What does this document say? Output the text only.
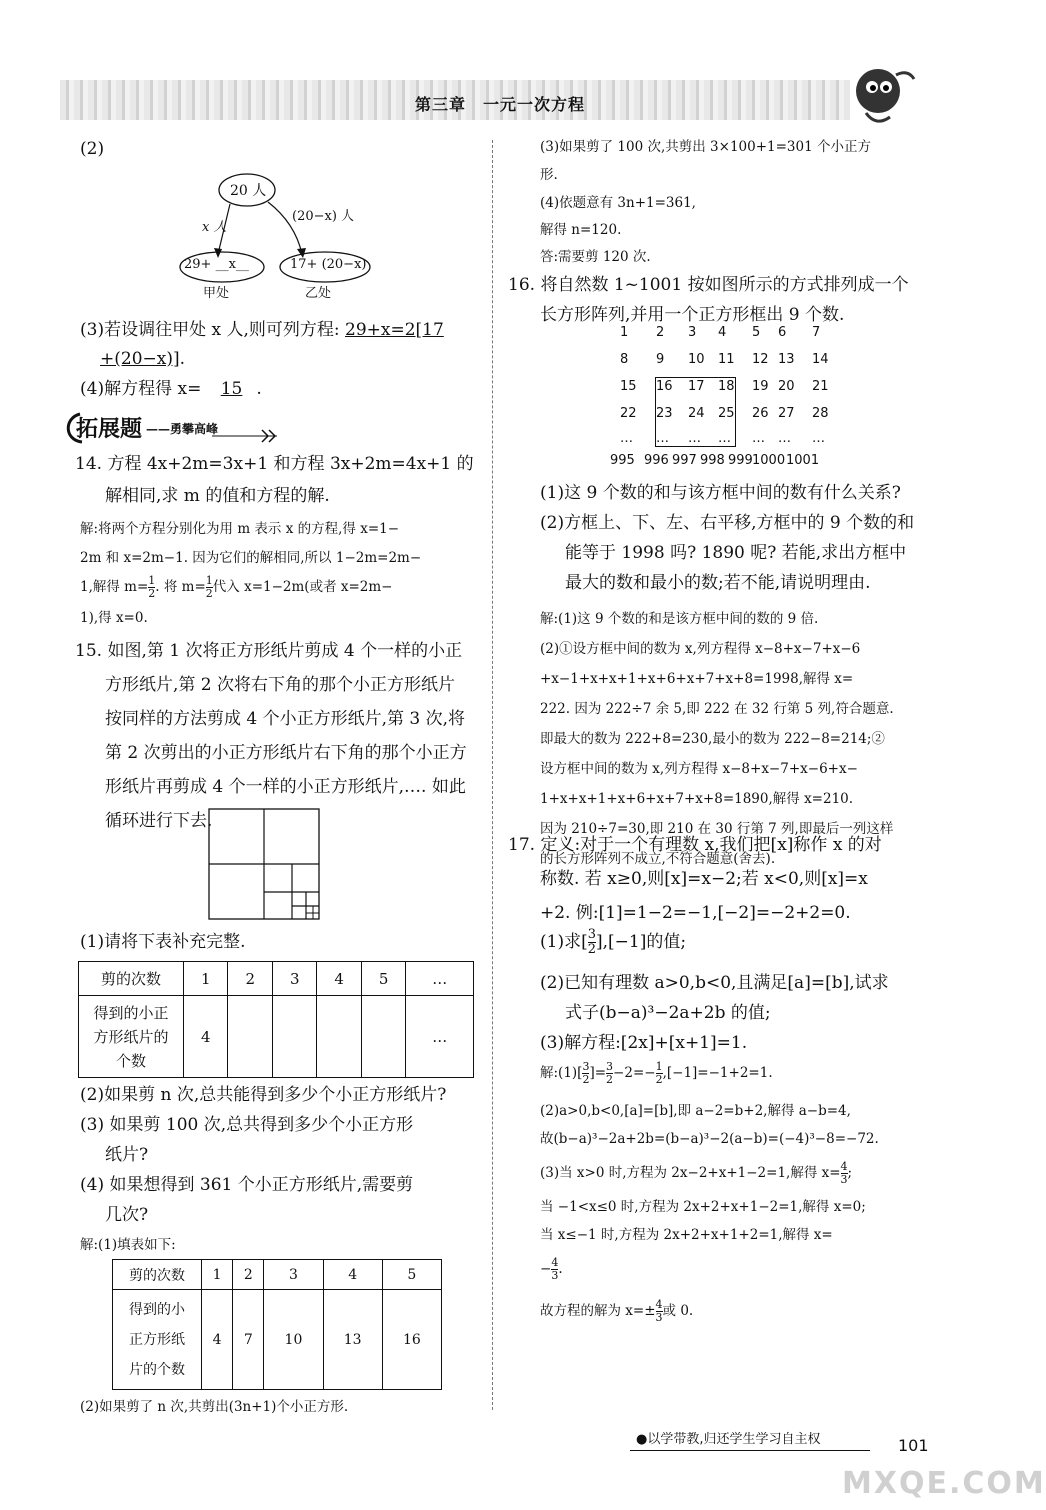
第三章　一元一次方程
(2)
20 人
x 人
(20−x) 人
29+ __x__	17+ (20−x)
甲处	乙处
(3)若设调往甲处 x 人,则可列方程: 29+x=2[17
+(20−x)].
(4)解方程得 x= 15 .
拓展题 ——勇攀高峰
14. 方程 4x+2m=3x+1 和方程 3x+2m=4x+1 的
解相同,求 m 的值和方程的解.
解:将两个方程分别化为用 m 表示 x 的方程,得 x=1−
2m 和 x=2m−1. 因为它们的解相同,所以 1−2m=2m−
1,解得 $m= \frac{1}{2}$ . 将 $m= \frac{1}{2}$ 代入 x=1−2m(或者 x=2m−
1),得 x=0.
15. 如图,第 1 次将正方形纸片剪成 4 个一样的小正
方形纸片,第 2 次将右下角的那个小正方形纸片
按同样的方法剪成 4 个小正方形纸片,第 3 次,将
第 2 次剪出的小正方形纸片右下角的那个小正方
形纸片再剪成 4 个一样的小正方形纸片,…. 如此
循环进行下去.
(1)请将下表补充完整.
剪的次数	1	2	3	4	5	…

得到的小正
方形纸片的
个数	4					…
(2)如果剪 n 次,总共能得到多少个小正方形纸片?
(3) 如果剪 100 次,总共得到多少个小正方形
纸片?
(4) 如果想得到 361 个小正方形纸片,需要剪
几次?
解:(1)填表如下:
剪的次数	1	2	3	4	5

得到的小
正方形纸
片的个数	4	7	10	13	16
(2)如果剪了 n 次,共剪出(3n+1)个小正方形.
(3)如果剪了 100 次,共剪出 3×100+1=301 个小正方
形.
(4)依题意有 3n+1=361,
解得 n=120.
答:需要剪 120 次.
16. 将自然数 1~1001 按如图所示的方式排列成一个
长方形阵列,并用一个正方形框出 9 个数.
1 2 3 4 5 6 7
8 9 10 11 12 13 14
15 16 17 18 19 20 21
22 23 24 25 26 27 28
… … … … … … …
995 996 997 998 999 1000 1001
(1)这 9 个数的和与该方框中间的数有什么关系?
(2)方框上、下、左、右平移,方框中的 9 个数的和
能等于 1998 吗? 1890 呢? 若能,求出方框中
最大的数和最小的数;若不能,请说明理由.
解:(1)这 9 个数的和是该方框中间的数的 9 倍.
(2)①设方框中间的数为 x,列方程得 x−8+x−7+x−6
+x−1+x+x+1+x+6+x+7+x+8=1998,解得 x=
222. 因为 222÷7 余 5,即 222 在 32 行第 5 列,符合题意.
即最大的数为 222+8=230,最小的数为 222−8=214;②
设方框中间的数为 x,列方程得 x−8+x−7+x−6+x−
1+x+x+1+x+6+x+7+x+8=1890,解得 x=210.
因为 210÷7=30,即 210 在 30 行第 7 列,即最后一列这样
的长方形阵列不成立,不符合题意(舍去).
17. 定义:对于一个有理数 x,我们把[x]称作 x 的对
称数. 若 x≥0,则[x]=x−2;若 x<0,则[x]=x
+2. 例:[1]=1−2=−1,[−2]=−2+2=0.
(1)求[ $\frac{3}{2} ],[-1]$的值;
(2)已知有理数 a>0,b<0,且满足[a]=[b],试求
式子(b−a)³−2a+2b 的值;
(3)解方程:[2x]+[x+1]=1.
解:(1)[ $\frac{3}{2}$ ]= $\frac{3}{2} -2=- \frac{1}{2} ,[-1]=-1+2=1$.
(2)a>0,b<0,[a]=[b],即 a−2=b+2,解得 a−b=4,
故(b−a)³−2a+2b=(b−a)³−2(a−b)=(−4)³−8=−72.
(3)当 x>0 时,方程为 2x−2+x+1−2=1,解得 $x= \frac{4}{3}$ ;
当 −1<x≤0 时,方程为 2x+2+x+1−2=1,解得 x=0;
当 x≤−1 时,方程为 2x+2+x+1+2=1,解得 x=
− $\frac{4}{3}$ .
故方程的解为 $x=\pm \frac{4}{3}$ 或 0.
●以学带教,归还学生学习自主权	101
MXQE.COM
